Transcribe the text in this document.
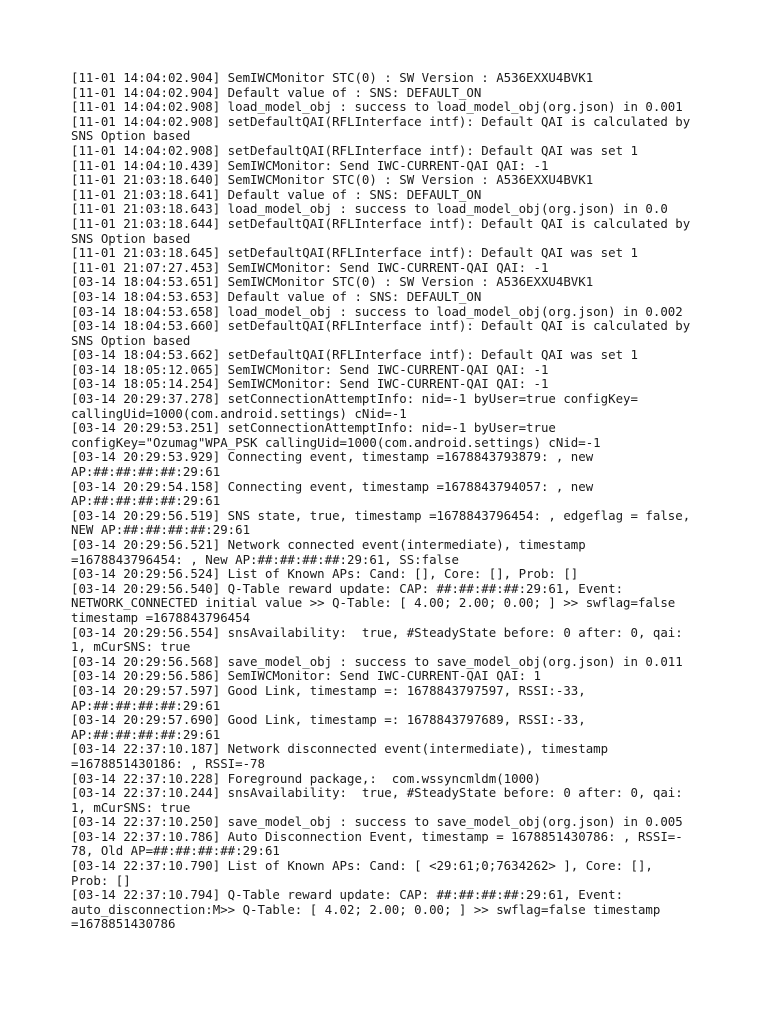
[11-01 14:04:02.904] SemIWCMonitor STC(0) : SW Version : A536EXXU4BVK1
[11-01 14:04:02.904] Default value of : SNS: DEFAULT_ON
[11-01 14:04:02.908] load_model_obj : success to load_model_obj(org.json) in 0.001
[11-01 14:04:02.908] setDefaultQAI(RFLInterface intf): Default QAI is calculated by
SNS Option based
[11-01 14:04:02.908] setDefaultQAI(RFLInterface intf): Default QAI was set 1
[11-01 14:04:10.439] SemIWCMonitor: Send IWC-CURRENT-QAI QAI: -1
[11-01 21:03:18.640] SemIWCMonitor STC(0) : SW Version : A536EXXU4BVK1
[11-01 21:03:18.641] Default value of : SNS: DEFAULT_ON
[11-01 21:03:18.643] load_model_obj : success to load_model_obj(org.json) in 0.0
[11-01 21:03:18.644] setDefaultQAI(RFLInterface intf): Default QAI is calculated by
SNS Option based
[11-01 21:03:18.645] setDefaultQAI(RFLInterface intf): Default QAI was set 1
[11-01 21:07:27.453] SemIWCMonitor: Send IWC-CURRENT-QAI QAI: -1
[03-14 18:04:53.651] SemIWCMonitor STC(0) : SW Version : A536EXXU4BVK1
[03-14 18:04:53.653] Default value of : SNS: DEFAULT_ON
[03-14 18:04:53.658] load_model_obj : success to load_model_obj(org.json) in 0.002
[03-14 18:04:53.660] setDefaultQAI(RFLInterface intf): Default QAI is calculated by
SNS Option based
[03-14 18:04:53.662] setDefaultQAI(RFLInterface intf): Default QAI was set 1
[03-14 18:05:12.065] SemIWCMonitor: Send IWC-CURRENT-QAI QAI: -1
[03-14 18:05:14.254] SemIWCMonitor: Send IWC-CURRENT-QAI QAI: -1
[03-14 20:29:37.278] setConnectionAttemptInfo: nid=-1 byUser=true configKey=
callingUid=1000(com.android.settings) cNid=-1
[03-14 20:29:53.251] setConnectionAttemptInfo: nid=-1 byUser=true
configKey="Ozumag"WPA_PSK callingUid=1000(com.android.settings) cNid=-1
[03-14 20:29:53.929] Connecting event, timestamp =1678843793879: , new
AP:##:##:##:##:29:61
[03-14 20:29:54.158] Connecting event, timestamp =1678843794057: , new
AP:##:##:##:##:29:61
[03-14 20:29:56.519] SNS state, true, timestamp =1678843796454: , edgeflag = false,
NEW AP:##:##:##:##:29:61
[03-14 20:29:56.521] Network connected event(intermediate), timestamp
=1678843796454: , New AP:##:##:##:##:29:61, SS:false
[03-14 20:29:56.524] List of Known APs: Cand: [], Core: [], Prob: []
[03-14 20:29:56.540] Q-Table reward update: CAP: ##:##:##:##:29:61, Event:
NETWORK_CONNECTED initial value >> Q-Table: [ 4.00; 2.00; 0.00; ] >> swflag=false
timestamp =1678843796454
[03-14 20:29:56.554] snsAvailability:  true, #SteadyState before: 0 after: 0, qai:
1, mCurSNS: true
[03-14 20:29:56.568] save_model_obj : success to save_model_obj(org.json) in 0.011
[03-14 20:29:56.586] SemIWCMonitor: Send IWC-CURRENT-QAI QAI: 1
[03-14 20:29:57.597] Good Link, timestamp =: 1678843797597, RSSI:-33,
AP:##:##:##:##:29:61
[03-14 20:29:57.690] Good Link, timestamp =: 1678843797689, RSSI:-33,
AP:##:##:##:##:29:61
[03-14 22:37:10.187] Network disconnected event(intermediate), timestamp
=1678851430186: , RSSI=-78
[03-14 22:37:10.228] Foreground package,:  com.wssyncmldm(1000)
[03-14 22:37:10.244] snsAvailability:  true, #SteadyState before: 0 after: 0, qai:
1, mCurSNS: true
[03-14 22:37:10.250] save_model_obj : success to save_model_obj(org.json) in 0.005
[03-14 22:37:10.786] Auto Disconnection Event, timestamp = 1678851430786: , RSSI=-
78, Old AP=##:##:##:##:29:61
[03-14 22:37:10.790] List of Known APs: Cand: [ <29:61;0;7634262> ], Core: [],
Prob: []
[03-14 22:37:10.794] Q-Table reward update: CAP: ##:##:##:##:29:61, Event:
auto_disconnection:M>> Q-Table: [ 4.02; 2.00; 0.00; ] >> swflag=false timestamp
=1678851430786
